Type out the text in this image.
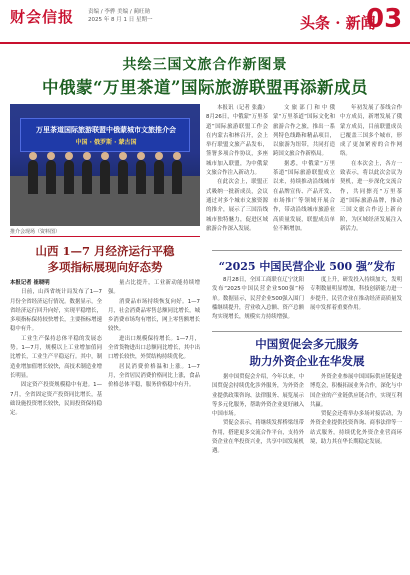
财会信报	责编 / 李骅 美编 / 蔺旺勋
2025 年 8 月 1 日 星期一	头条 · 新闻
03
共绘三国文旅合作新图景
中俄蒙“万里茶道”国际旅游联盟再添新成员
万里茶道国际旅游联盟中俄蒙城市文旅推介会
中国 · 俄罗斯 · 蒙古国
推介会现场（资料图）

本报讯（记者 张鑫）8月26日，中俄蒙“万里茶道”国际旅游联盟工作会在内蒙古和林召开，会上举行联盟文旅产品发布，签署多项合作协议，多座城市加入联盟，为中俄蒙文旅合作注入新动力。

在此次会上，联盟正式吸纳一批新成员，会议通过对多个城市文旅资源的推介，展示了三国沿线城市独特魅力，促进区域旅游合作深入发展。

文旅部门和中俄蒙“万里茶道”国际文化和旅游合作之旅，推出一系列特色线路和精品项目，以旅游为纽带，共同打造跨国文旅合作新格局。

据悉，中俄蒙“万里茶道”国际旅游联盟成立以来，持续推动沿线城市在品牌宣传、产品开发、市场推广等领域开展合作，带动沿线城市旅游业高质量发展，联盟成员单位不断增加。

年初发展了茶线合作中方成员，新增发展了俄蒙方成员，目前联盟成员已覆盖三国多个城市，形成了更加紧密的合作网络。

在本次会上，各方一致表示，将以此次会议为契机，进一步深化交流合作，共同擦亮“万里茶道”国际旅游品牌，推动三国文旅合作迈上新台阶，为区域经济发展注入新活力。

山西 1—7 月经济运行平稳
多项指标展现向好态势

本报记者 崔晓明

日前，山西省统计局发布了1—7月份全省经济运行情况。数据显示，全省经济运行回升向好，实现平稳增长，多项指标保持较快增长，主要指标增速稳中有升。

工业生产保持总体平稳的发展态势。1—7月，规模以上工业增加值同比增长，工业生产平稳运行。其中，制造业增加值增长较快，高技术制造业增长明显。

固定资产投资规模稳中有进。1—7月，全省固定资产投资同比增长，基础设施投资增长较快，民间投资保持稳定。

量占比提升，工业新动能持续增强。

消费品市场持续恢复向好。1—7月，社会消费品零售总额同比增长，城乡消费市场均有增长，网上零售额增长较快。

进出口规模保持增长。1—7月，全省货物进出口总额同比增长，其中出口增长较快，外贸结构持续优化。

居民消费价格温和上涨。1—7月，全省居民消费价格同比上涨，食品价格总体平稳，服务价格稳中有升。

“2025 中国民营企业 500 强”发布

8月28日，全国工商联在辽宁沈阳发布“2025中国民营企业500强”榜单。数据显示，民营企业500强入围门槛继续提升，营业收入总额、资产总额均实现增长，规模实力持续增强。

度上升，研发投入持续加大，发明专利数量明显增加，科技创新能力进一步提升，民营企业在推动经济高质量发展中发挥着重要作用。

中国贸促会多元服务
助力外资企业在华发展

据中国贸促会介绍，今年以来，中国贸促会持续优化涉外服务，为外资企业提供政策咨询、法律服务、展览展示等多元化服务，帮助外资企业更好融入中国市场。

贸促会表示，将继续发挥桥梁纽带作用，搭建更多交流合作平台，支持外资企业在华投资兴业，共享中国发展机遇。

外资企业参展中国国际供应链促进博览会，积极拓展业务合作，深化与中国企业的产业链供应链合作，实现互利共赢。

贸促会还将举办多场对接活动，为外资企业提供投资咨询、商事法律等一站式服务，持续优化外资企业营商环境，助力其在华长期稳定发展。
